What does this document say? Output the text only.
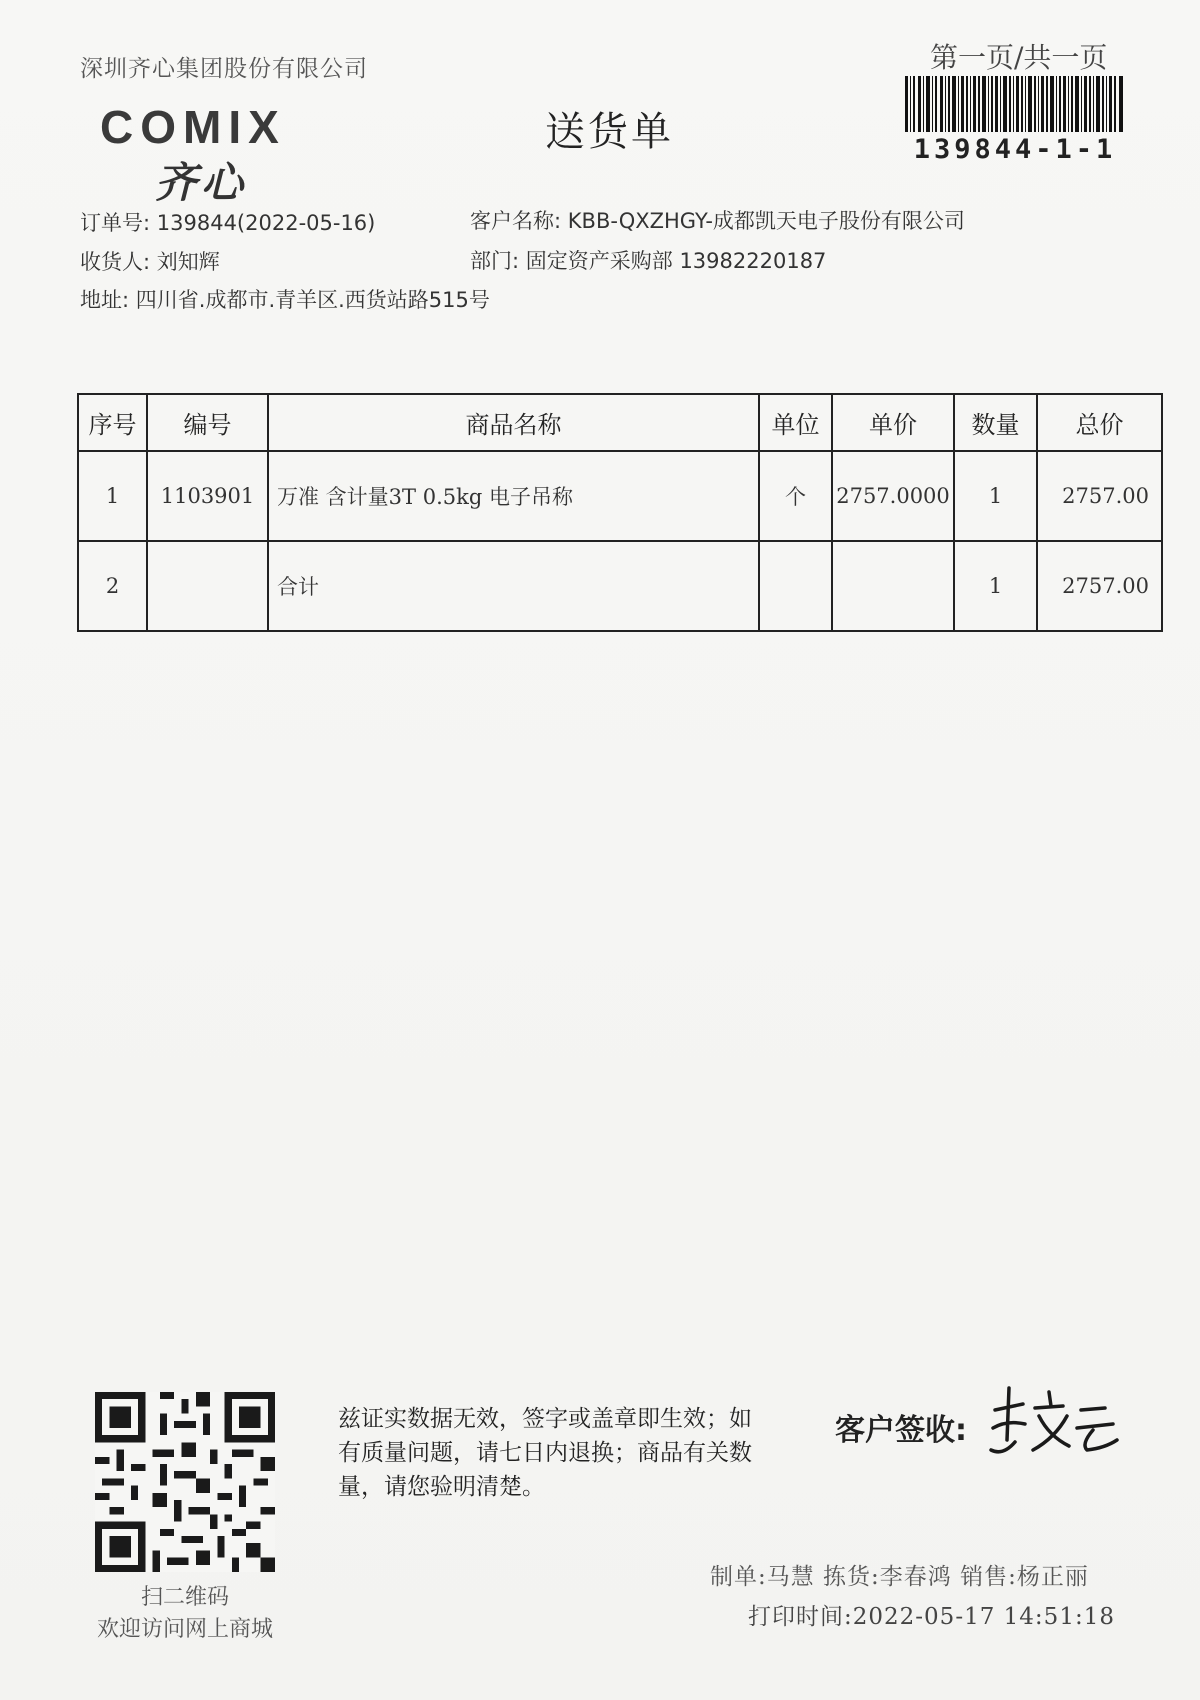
深圳齐心集团股份有限公司	第一页/共一页
139844-1-1
COMIX
齐心
送货单
订单号: 139844(2022-05-16)	客户名称: KBB-QXZHGY-成都凯天电子股份有限公司
收货人: 刘知辉	部门: 固定资产采购部 13982220187
地址: 四川省.成都市.青羊区.西货站路515号
序号	编号	商品名称	单位	单价	数量	总价
1	1103901	万准 含计量3T 0.5kg 电子吊称	个	2757.0000	1	2757.00
2		合计			1	2757.00
扫二维码
欢迎访问网上商城
兹证实数据无效，签字或盖章即生效；如有质量问题，请七日内退换；商品有关数量，请您验明清楚。
客户签收:
制单:马慧 拣货:李春鸿 销售:杨正丽
打印时间:2022-05-17 14:51:18
